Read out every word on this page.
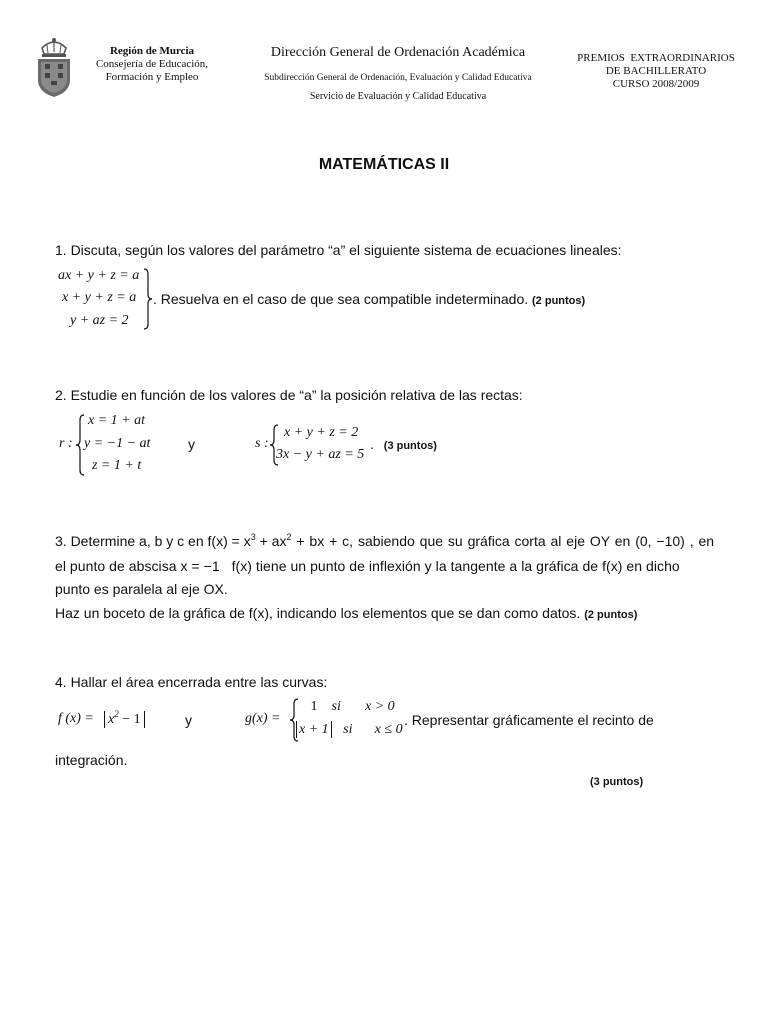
Región de Murcia
Consejería de Educación,
Formación y Empleo
Dirección General de Ordenación Académica
Subdirección General de Ordenación, Evaluación y Calidad Educativa
Servicio de Evaluación y Calidad Educativa
PREMIOS  EXTRAORDINARIOS
DE BACHILLERATO
CURSO 2008/2009
MATEMÁTICAS II
1. Discuta, según los valores del parámetro “a” el siguiente sistema de ecuaciones lineales:
ax + y + z = a
x + y + z = a
y + az = 2
. Resuelva en el caso de que sea compatible indeterminado. (2 puntos)
2. Estudie en función de los valores de “a” la posición relativa de las rectas:
r :
x = 1 + at
y = −1 − at
z = 1 + t
y	s :
x + y + z = 2
3x − y + az = 5
. (3 puntos)
3. Determine a, b y c en $f(x) = x^3 + ax^2$ + bx + c, sabiendo que su gráfica corta al eje OY en (0, −10) , en
el punto de abscisa x = −1   f(x) tiene un punto de inflexión y la tangente a la gráfica de f(x) en dicho
punto es paralela al eje OX.
Haz un boceto de la gráfica de f(x), indicando los elementos que se dan como datos. (2 puntos)
4. Hallar el área encerrada entre las curvas:
f $(x) = x^2 - 1$	y	g(x) =
1 si x > 0
x + 1 si x ≤ 0
. Representar gráficamente el recinto de
integración.
(3 puntos)
